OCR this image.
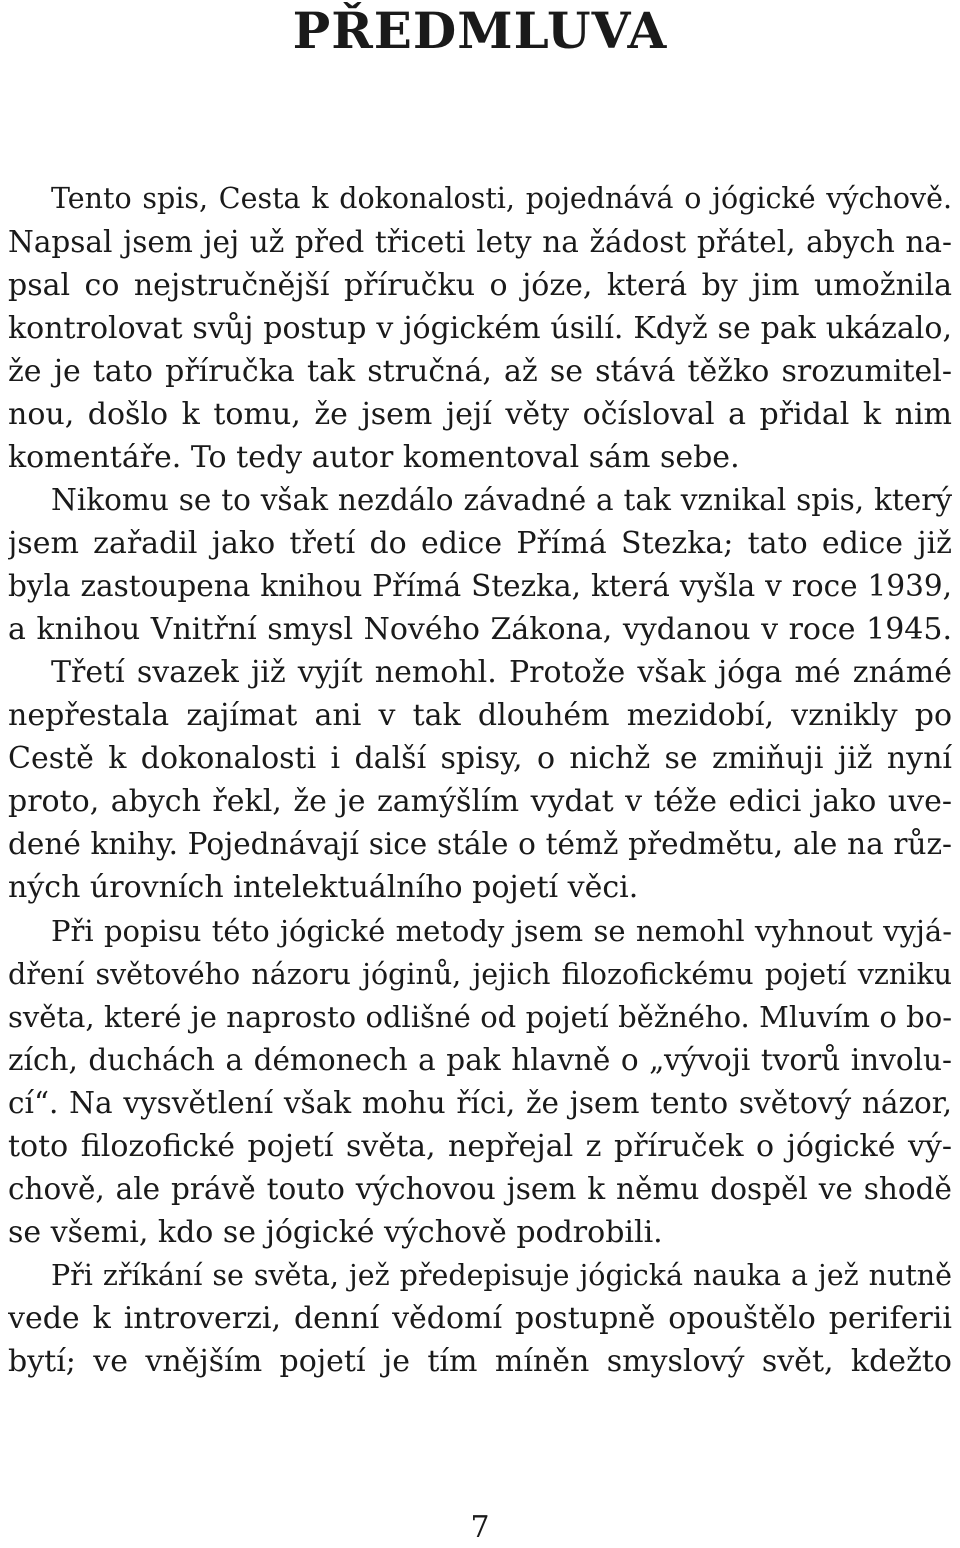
PŘEDMLUVA
Tento spis, Cesta k dokonalosti, pojednává o jógické výchově.
Napsal jsem jej už před třiceti lety na žádost přátel, abych na-
psal co nejstručnější příručku o józe, která by jim umožnila
kontrolovat svůj postup v jógickém úsilí. Když se pak ukázalo,
že je tato příručka tak stručná, až se stává těžko srozumitel-
nou, došlo k tomu, že jsem její věty očísloval a přidal k nim
komentáře. To tedy autor komentoval sám sebe.
Nikomu se to však nezdálo závadné a tak vznikal spis, který
jsem zařadil jako třetí do edice Přímá Stezka; tato edice již
byla zastoupena knihou Přímá Stezka, která vyšla v roce 1939,
a knihou Vnitřní smysl Nového Zákona, vydanou v roce 1945.
Třetí svazek již vyjít nemohl. Protože však jóga mé známé
nepřestala zajímat ani v tak dlouhém mezidobí, vznikly po
Cestě k dokonalosti i další spisy, o nichž se zmiňuji již nyní
proto, abych řekl, že je zamýšlím vydat v téže edici jako uve-
dené knihy. Pojednávají sice stále o témž předmětu, ale na růz-
ných úrovních intelektuálního pojetí věci.
Při popisu této jógické metody jsem se nemohl vyhnout vyjá-
dření světového názoru jóginů, jejich filozofickému pojetí vzniku
světa, které je naprosto odlišné od pojetí běžného. Mluvím o bo-
zích, duchách a démonech a pak hlavně o „vývoji tvorů involu-
cí“. Na vysvětlení však mohu říci, že jsem tento světový názor,
toto filozofické pojetí světa, nepřejal z příruček o jógické vý-
chově, ale právě touto výchovou jsem k němu dospěl ve shodě
se všemi, kdo se jógické výchově podrobili.
Při zříkání se světa, jež předepisuje jógická nauka a jež nutně
vede k introverzi, denní vědomí postupně opouštělo periferii
bytí; ve vnějším pojetí je tím míněn smyslový svět, kdežto
7
